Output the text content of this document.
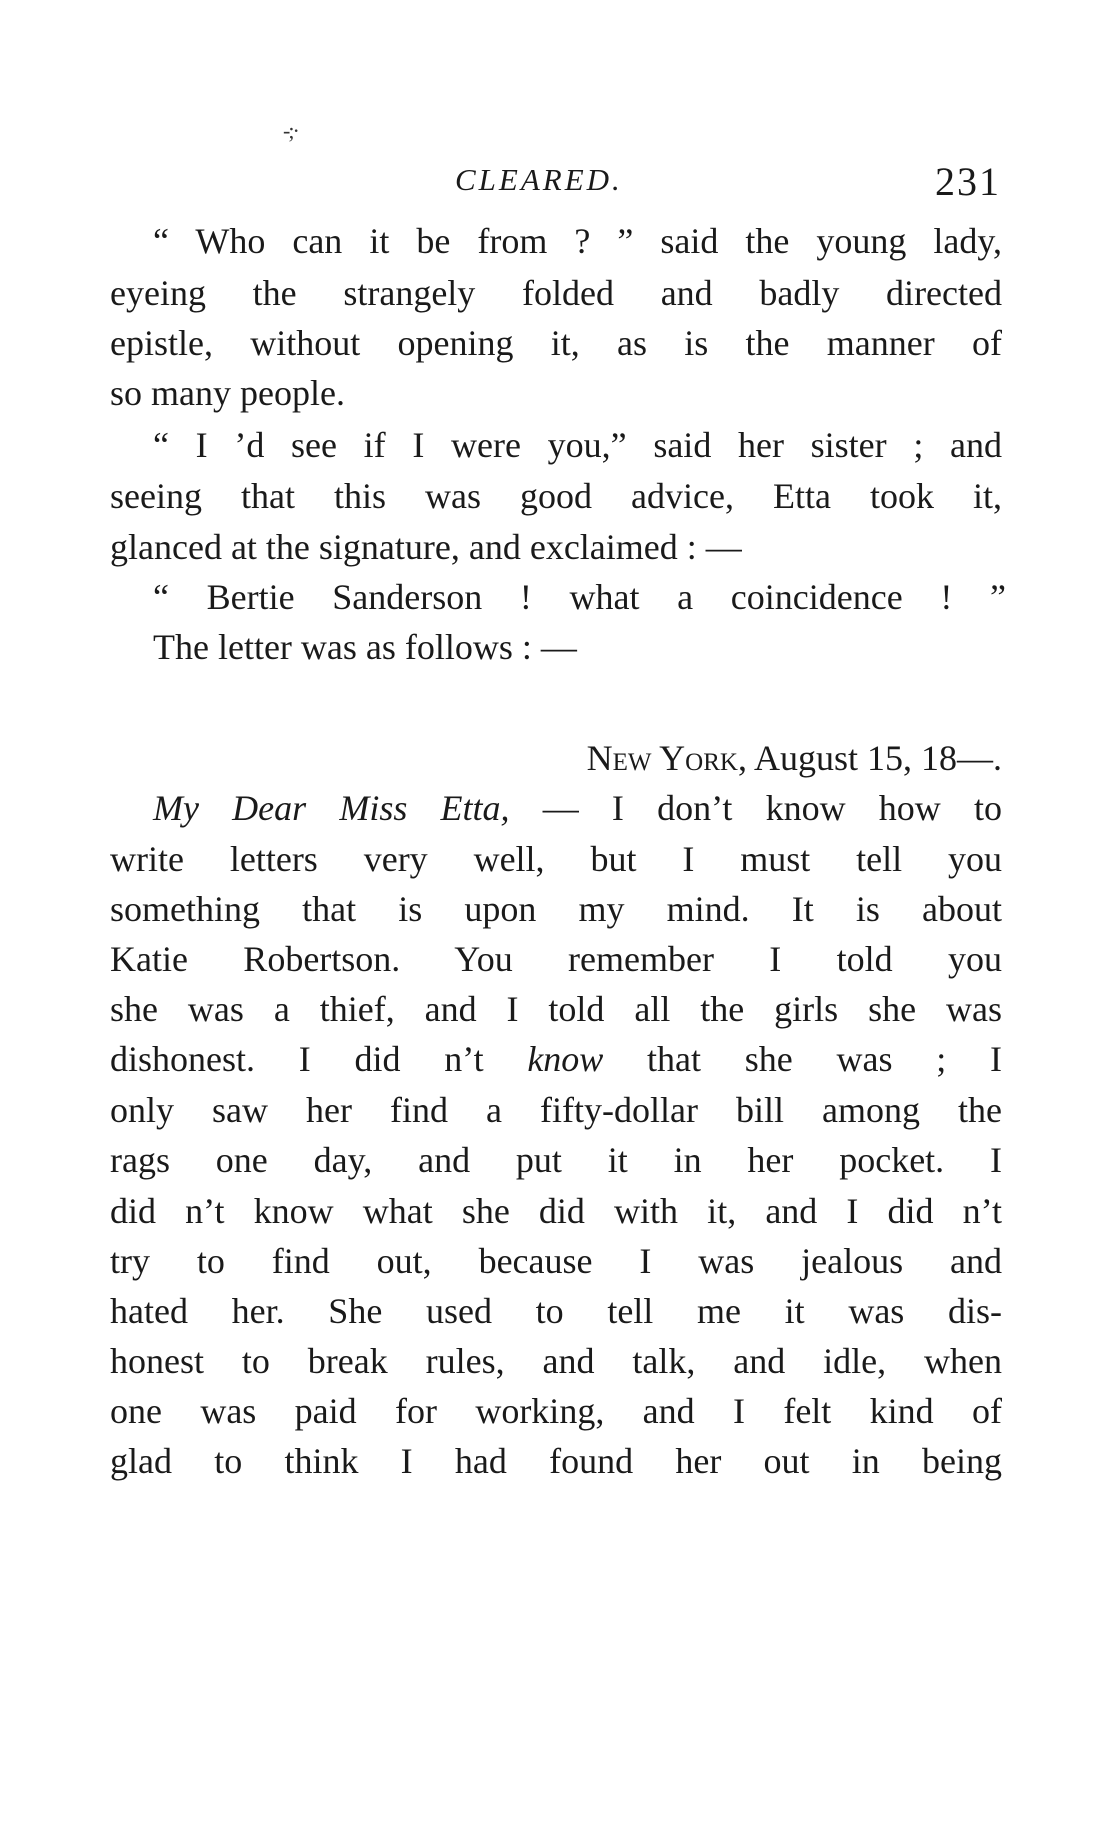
-;·
CLEARED.	231
“ Who can it be from ? ” said the young lady,
eyeing the strangely folded and badly directed
epistle, without opening it, as is the manner of
so many people.
“ I ’d see if I were you,” said her sister ; and
seeing that this was good advice, Etta took it,
glanced at the signature, and exclaimed : —
“ Bertie Sanderson ! what a coincidence ! ”
The letter was as follows : —
New York, August 15, 18—.
My Dear Miss Etta, — I don’t know how to
write letters very well, but I must tell you
something that is upon my mind. It is about
Katie Robertson. You remember I told you
she was a thief, and I told all the girls she was
dishonest. I did n’t know that she was ; I
only saw her find a fifty-dollar bill among the
rags one day, and put it in her pocket. I
did n’t know what she did with it, and I did n’t
try to find out, because I was jealous and
hated her. She used to tell me it was dis-
honest to break rules, and talk, and idle, when
one was paid for working, and I felt kind of
glad to think I had found her out in being
